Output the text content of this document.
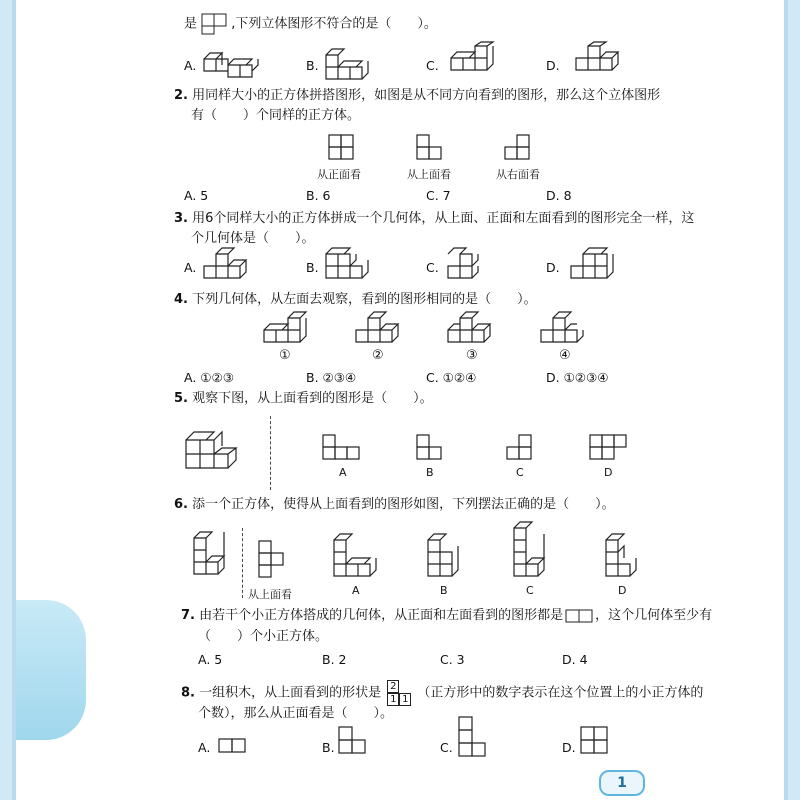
是	,下列立体图形不符合的是（　　）。
A.	B.	C.	D.
2. 用同样大小的正方体拼搭图形，如图是从不同方向看到的图形，那么这个立体图形
有（　　）个同样的正方体。
从正面看	从上面看	从右面看
A. 5	B. 6	C. 7	D. 8
3. 用6个同样大小的正方体拼成一个几何体，从上面、正面和左面看到的图形完全一样，这
个几何体是（　　）。
A.	B.	C.	D.
4. 下列几何体，从左面去观察，看到的图形相同的是（　　）。
①	②	③	④
A. ①②③	B. ②③④	C. ①②④	D. ①②③④
5. 观察下图，从上面看到的图形是（　　）。
A	B	C	D
6. 添一个正方体，使得从上面看到的图形如图，下列摆法正确的是（　　）。
从上面看	A	B	C	D
7. 由若干个小正方体搭成的几何体，从正面和左面看到的图形都是 ，这个几何体至少有
（　　）个小正方体。
A. 5	B. 2	C. 3	D. 4
8. 一组积木，从上面看到的形状是 2
1 1 （正方形中的数字表示在这个位置上的小正方体的
个数），那么从正面看是（　　）。
A.	B.	C.	D.
1
